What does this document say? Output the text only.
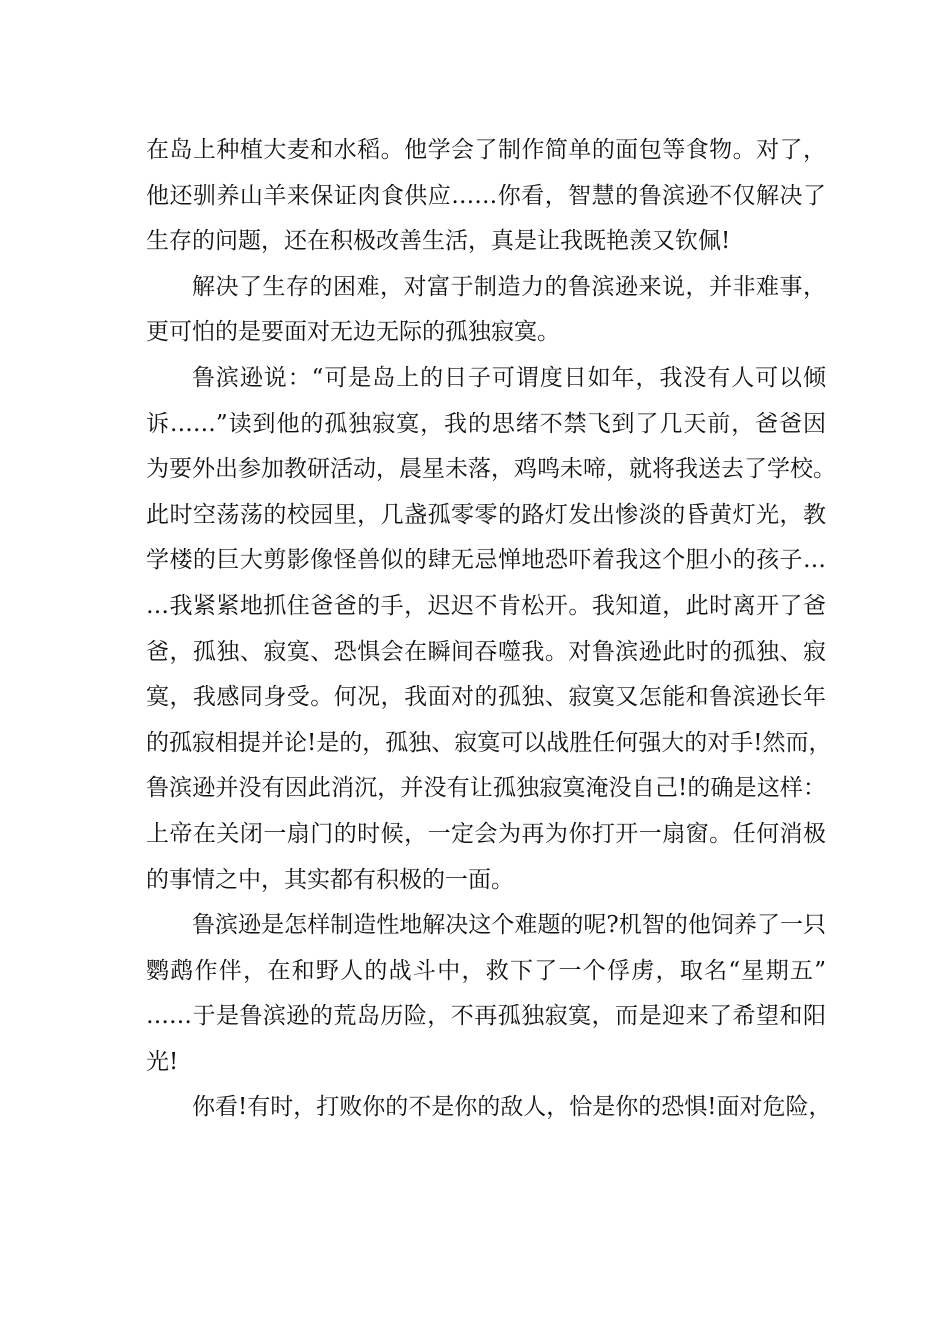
在岛上种植大麦和水稻。他学会了制作简单的面包等食物。对了，
他还驯养山羊来保证肉食供应……你看，智慧的鲁滨逊不仅解决了
生存的问题，还在积极改善生活，真是让我既艳羡又钦佩!
解决了生存的困难，对富于制造力的鲁滨逊来说，并非难事，
更可怕的是要面对无边无际的孤独寂寞。
鲁滨逊说：“可是岛上的日子可谓度日如年，我没有人可以倾
诉……”读到他的孤独寂寞，我的思绪不禁飞到了几天前，爸爸因
为要外出参加教研活动，晨星未落，鸡鸣未啼，就将我送去了学校。
此时空荡荡的校园里，几盏孤零零的路灯发出惨淡的昏黄灯光，教
学楼的巨大剪影像怪兽似的肆无忌惮地恐吓着我这个胆小的孩子…
…我紧紧地抓住爸爸的手，迟迟不肯松开。我知道，此时离开了爸
爸，孤独、寂寞、恐惧会在瞬间吞噬我。对鲁滨逊此时的孤独、寂
寞，我感同身受。何况，我面对的孤独、寂寞又怎能和鲁滨逊长年
的孤寂相提并论!是的，孤独、寂寞可以战胜任何强大的对手!然而，
鲁滨逊并没有因此消沉，并没有让孤独寂寞淹没自己!的确是这样：
上帝在关闭一扇门的时候，一定会为再为你打开一扇窗。任何消极
的事情之中，其实都有积极的一面。
鲁滨逊是怎样制造性地解决这个难题的呢?机智的他饲养了一只
鹦鹉作伴，在和野人的战斗中，救下了一个俘虏，取名“星期五”
……于是鲁滨逊的荒岛历险，不再孤独寂寞，而是迎来了希望和阳
光!
你看!有时，打败你的不是你的敌人，恰是你的恐惧!面对危险，
